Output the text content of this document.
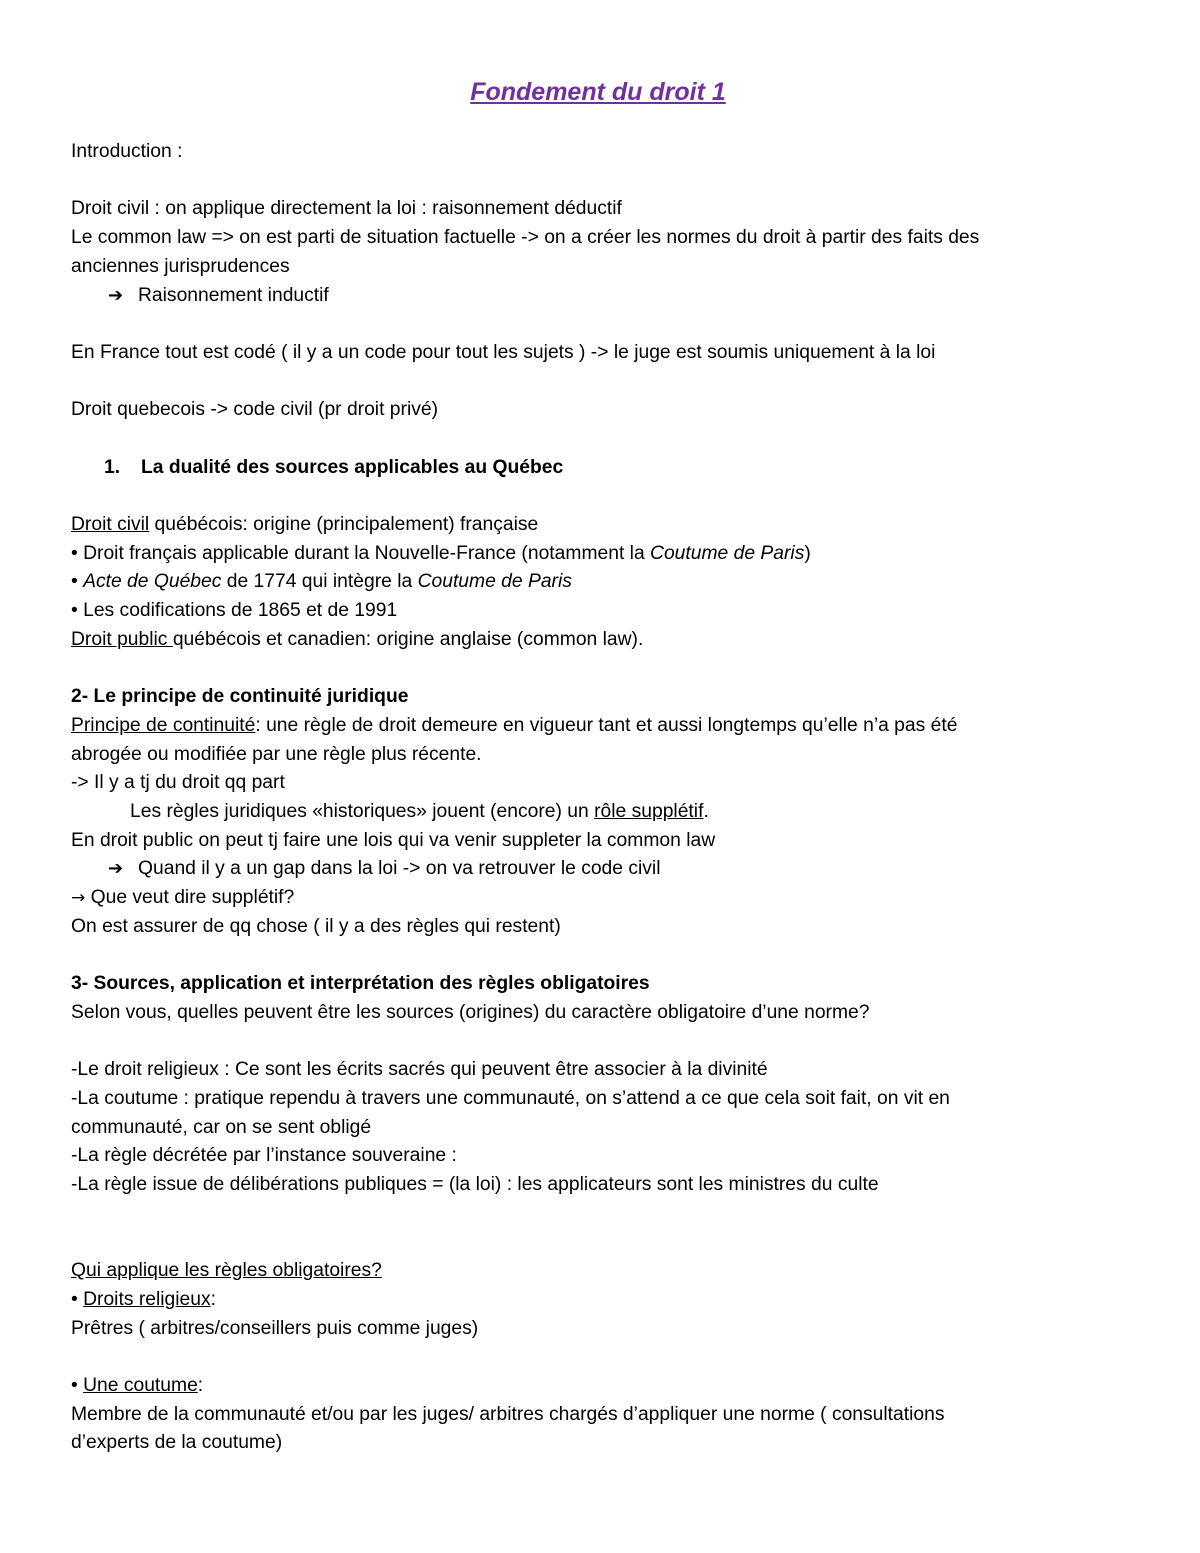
Fondement du droit 1

Introduction :

Droit civil : on applique directement la loi : raisonnement déductif

Le common law => on est parti de situation factuelle -> on a créer les normes du droit à partir des faits des

anciennes jurisprudences

➔ Raisonnement inductif

En France tout est codé ( il y a un code pour tout les sujets ) -> le juge est soumis uniquement à la loi

Droit quebecois -> code civil (pr droit privé)

1. La dualité des sources applicables au Québec

Droit civil québécois: origine (principalement) française

• Droit français applicable durant la Nouvelle-France (notamment la Coutume de Paris)

• Acte de Québec de 1774 qui intègre la Coutume de Paris

• Les codifications de 1865 et de 1991

Droit public québécois et canadien: origine anglaise (common law).

2- Le principe de continuité juridique

Principe de continuité: une règle de droit demeure en vigueur tant et aussi longtemps qu’elle n’a pas été

abrogée ou modifiée par une règle plus récente.

-> Il y a tj du droit qq part

Les règles juridiques «historiques» jouent (encore) un rôle supplétif.

En droit public on peut tj faire une lois qui va venir suppleter la common law

➔ Quand il y a un gap dans la loi -> on va retrouver le code civil

→ Que veut dire supplétif?

On est assurer de qq chose ( il y a des règles qui restent)

3- Sources, application et interprétation des règles obligatoires

Selon vous, quelles peuvent être les sources (origines) du caractère obligatoire d’une norme?

-Le droit religieux : Ce sont les écrits sacrés qui peuvent être associer à la divinité

-La coutume : pratique rependu à travers une communauté, on s’attend a ce que cela soit fait, on vit en

communauté, car on se sent obligé

-La règle décrétée par l’instance souveraine :

-La règle issue de délibérations publiques = (la loi) : les applicateurs sont les ministres du culte

Qui applique les règles obligatoires?

• Droits religieux:

Prêtres ( arbitres/conseillers puis comme juges)

• Une coutume:

Membre de la communauté et/ou par les juges/ arbitres chargés d’appliquer une norme ( consultations

d’experts de la coutume)
